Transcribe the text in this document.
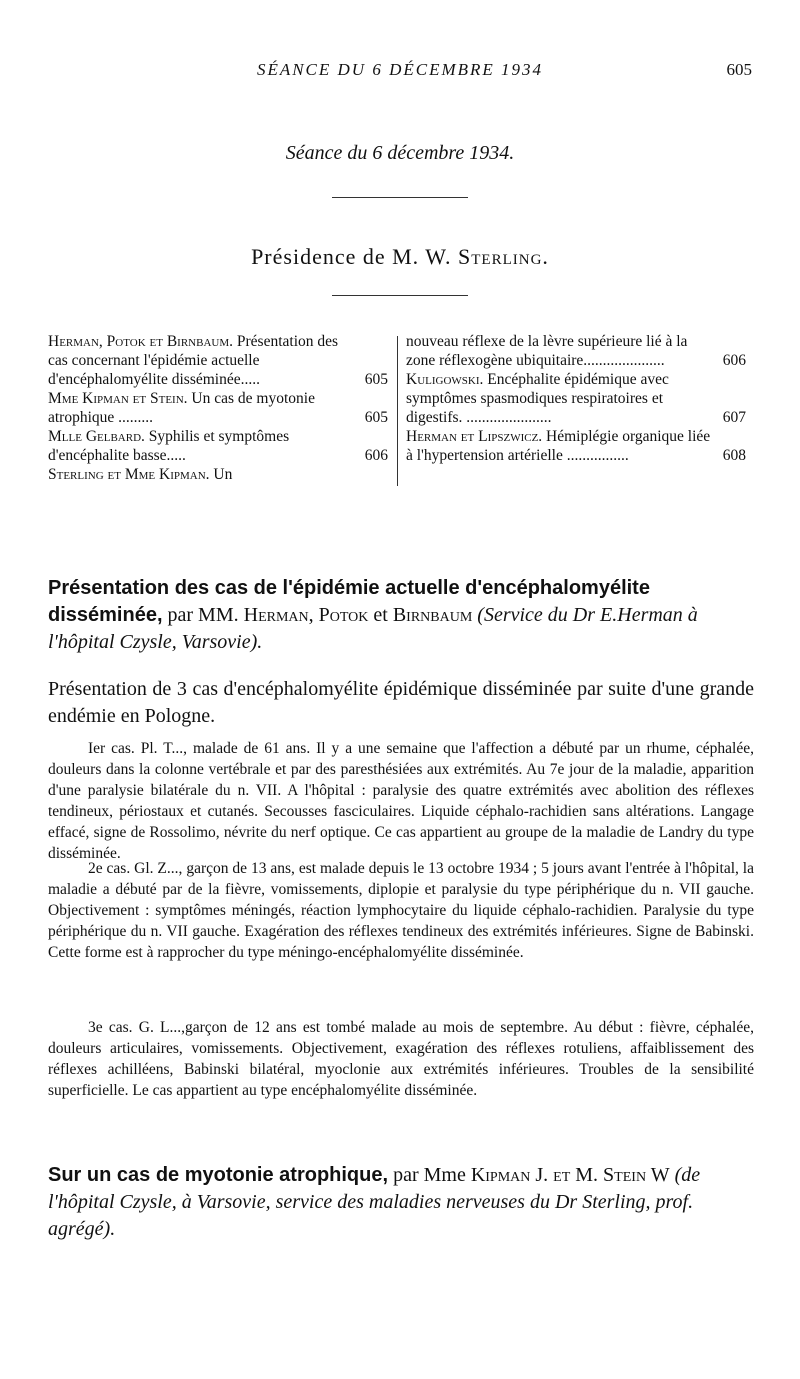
SÉANCE DU 6 DÉCEMBRE 1934	605
Séance du 6 décembre 1934.
Présidence de M. W. Sterling.
Herman, Potok et Birnbaum. Présentation des cas concernant l'épidémie actuelle d'encéphalomyélite disséminée.....	605
Mme Kipman et Stein. Un cas de myotonie atrophique .........	605
Mlle Gelbard. Syphilis et symptômes d'encéphalite basse.....	606
Sterling et Mme Kipman. Un
nouveau réflexe de la lèvre supérieure lié à la zone réflexogène ubiquitaire.....................	606
Kuligowski. Encéphalite épidémique avec symptômes spasmodiques respiratoires et digestifs. ......................	607
Herman et Lipszwicz. Hémiplégie organique liée à l'hypertension artérielle ................	608
Présentation des cas de l'épidémie actuelle d'encéphalomyélite disséminée, par MM. Herman, Potok et Birnbaum (Service du Dr E.Herman à l'hôpital Czysle, Varsovie).
Présentation de 3 cas d'encéphalomyélite épidémique disséminée par suite d'une grande endémie en Pologne.

Ier cas. Pl. T..., malade de 61 ans. Il y a une semaine que l'affection a débuté par un rhume, céphalée, douleurs dans la colonne vertébrale et par des paresthésiées aux extrémités. Au 7e jour de la maladie, apparition d'une paralysie bilatérale du n. VII. A l'hôpital : paralysie des quatre extrémités avec abolition des réflexes tendineux, périostaux et cutanés. Secousses fasciculaires. Liquide céphalo-rachidien sans altérations. Langage effacé, signe de Rossolimo, névrite du nerf optique. Ce cas appartient au groupe de la maladie de Landry du type disséminée.

2e cas. Gl. Z..., garçon de 13 ans, est malade depuis le 13 octobre 1934 ; 5 jours avant l'entrée à l'hôpital, la maladie a débuté par de la fièvre, vomissements, diplopie et paralysie du type périphérique du n. VII gauche. Objectivement : symptômes méningés, réaction lymphocytaire du liquide céphalo-rachidien. Paralysie du type périphérique du n. VII gauche. Exagération des réflexes tendineux des extrémités inférieures. Signe de Babinski. Cette forme est à rapprocher du type méningo-encéphalomyélite disséminée.

3e cas. G. L...,garçon de 12 ans est tombé malade au mois de septembre. Au début : fièvre, céphalée, douleurs articulaires, vomissements. Objectivement, exagération des réflexes rotuliens, affaiblissement des réflexes achilléens, Babinski bilatéral, myoclonie aux extrémités inférieures. Troubles de la sensibilité superficielle. Le cas appartient au type encéphalomyélite disséminée.

Sur un cas de myotonie atrophique, par Mme Kipman J. et M. Stein W (de l'hôpital Czysle, à Varsovie, service des maladies nerveuses du Dr Sterling, prof. agrégé).
